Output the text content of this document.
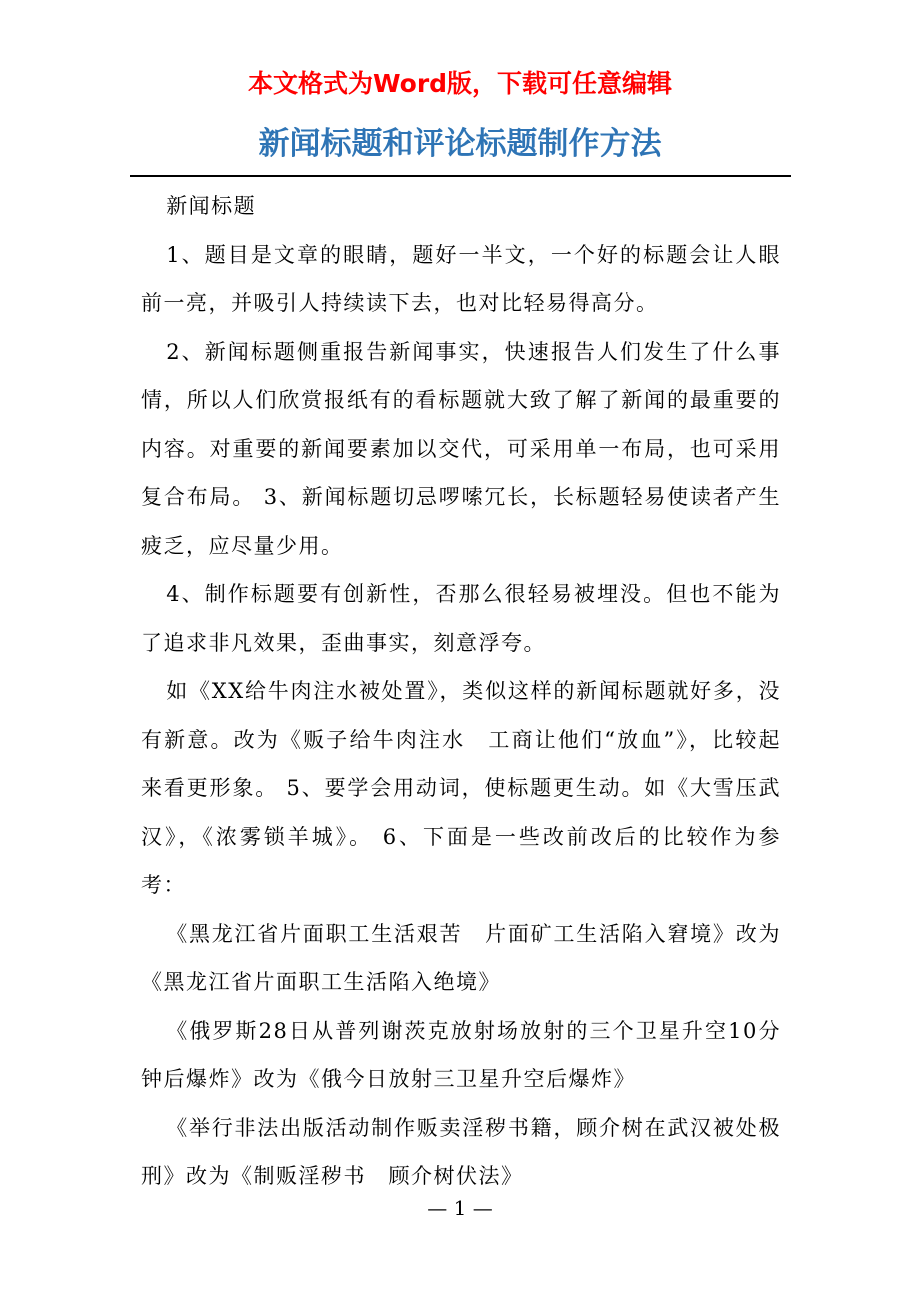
本文格式为Word版，下载可任意编辑
新闻标题和评论标题制作方法

新闻标题

1、题目是文章的眼睛，题好一半文，一个好的标题会让人眼前一亮，并吸引人持续读下去，也对比轻易得高分。

2、新闻标题侧重报告新闻事实，快速报告人们发生了什么事情，所以人们欣赏报纸有的看标题就大致了解了新闻的最重要的内容。对重要的新闻要素加以交代，可采用单一布局，也可采用复合布局。 3、新闻标题切忌啰嗦冗长，长标题轻易使读者产生疲乏，应尽量少用。

4、制作标题要有创新性，否那么很轻易被埋没。但也不能为了追求非凡效果，歪曲事实，刻意浮夸。

如《XX给牛肉注水被处置》，类似这样的新闻标题就好多，没有新意。改为《贩子给牛肉注水　工商让他们“放血”》，比较起来看更形象。 5、要学会用动词，使标题更生动。如《大雪压武汉》，《浓雾锁羊城》。 6、下面是一些改前改后的比较作为参考：

《黑龙江省片面职工生活艰苦　片面矿工生活陷入窘境》改为《黑龙江省片面职工生活陷入绝境》

《俄罗斯28日从普列谢茨克放射场放射的三个卫星升空10分钟后爆炸》改为《俄今日放射三卫星升空后爆炸》

《举行非法出版活动制作贩卖淫秽书籍，顾介树在武汉被处极刑》改为《制贩淫秽书　顾介树伏法》

— 1 —
